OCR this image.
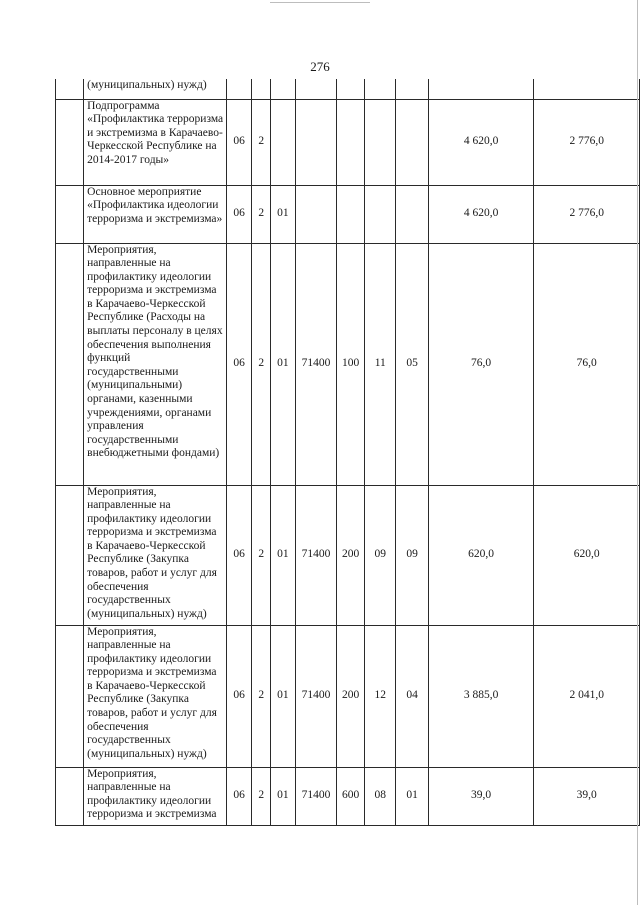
276
	(муниципальных) нужд)									
	Подпрограмма «Профилактика терроризма и экстремизма в Карачаево-Черкесской Республике на 2014-2017 годы»	06	2						4 620,0	2 776,0
	Основное мероприятие «Профилактика идеологии терроризма и экстремизма»	06	2	01					4 620,0	2 776,0
	Мероприятия, направленные на профилактику идеологии терроризма и экстремизма в Карачаево-Черкесской Республике (Расходы на выплаты персоналу в целях обеспечения выполнения функций государственными (муниципальными) органами, казенными учреждениями, органами управления государственными внебюджетными фондами)	06	2	01	71400	100	11	05	76,0	76,0
	Мероприятия, направленные на профилактику идеологии терроризма и экстремизма в Карачаево-Черкесской Республике (Закупка товаров, работ и услуг для обеспечения государственных (муниципальных) нужд)	06	2	01	71400	200	09	09	620,0	620,0
	Мероприятия, направленные на профилактику идеологии терроризма и экстремизма в Карачаево-Черкесской Республике (Закупка товаров, работ и услуг для обеспечения государственных (муниципальных) нужд)	06	2	01	71400	200	12	04	3 885,0	2 041,0
	Мероприятия, направленные на профилактику идеологии терроризма и экстремизма	06	2	01	71400	600	08	01	39,0	39,0
